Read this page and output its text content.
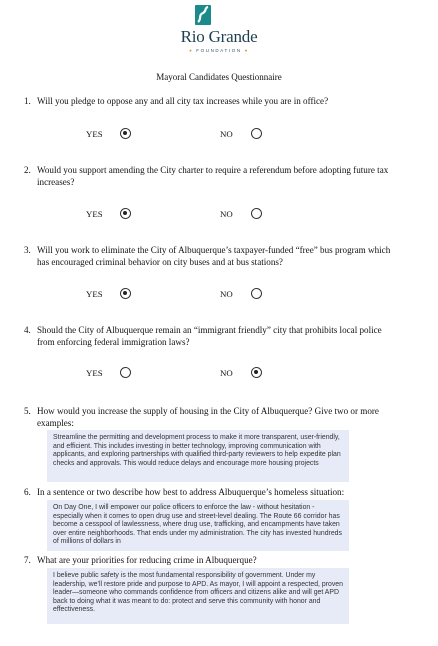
Rio Grande
● FOUNDATION ●
Mayoral Candidates Questionnaire
1. Will you pledge to oppose any and all city tax increases while you are in office?
YES	NO
2. Would you support amending the City charter to require a referendum before adopting future tax increases?
YES	NO
3. Will you work to eliminate the City of Albuquerque’s taxpayer-funded “free” bus program which has encouraged criminal behavior on city buses and at bus stations?
YES	NO
4. Should the City of Albuquerque remain an “immigrant friendly” city that prohibits local police from enforcing federal immigration laws?
YES	NO
5. How would you increase the supply of housing in the City of Albuquerque? Give two or more examples:
Streamline the permitting and development process to make it more transparent, user-friendly, and efficient. This includes investing in better technology, improving communication with applicants, and exploring partnerships with qualified third-party reviewers to help expedite plan checks and approvals. This would reduce delays and encourage more housing projects
6. In a sentence or two describe how best to address Albuquerque’s homeless situation:
On Day One, I will empower our police officers to enforce the law - without hesitation - especially when it comes to open drug use and street-level dealing. The Route 66 corridor has become a cesspool of lawlessness, where drug use, trafficking, and encampments have taken over entire neighborhoods. That ends under my administration. The city has invested hundreds of millions of dollars in
7. What are your priorities for reducing crime in Albuquerque?
I believe public safety is the most fundamental responsibility of government. Under my leadership, we’ll restore pride and purpose to APD. As mayor, I will appoint a respected, proven leader—someone who commands confidence from officers and citizens alike and will get APD back to doing what it was meant to do: protect and serve this community with honor and effectiveness.
